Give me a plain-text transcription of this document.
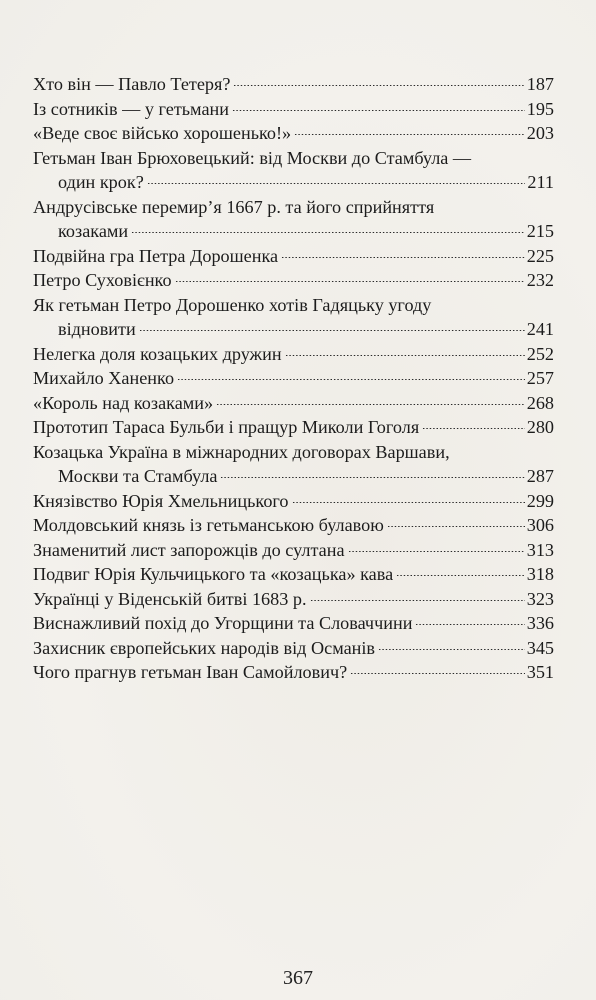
Хто він — Павло Тетеря?	187
Із сотників — у гетьмани	195
«Веде своє військо хорошенько!»	203
Гетьман Іван Брюховецький: від Москви до Стамбула —
один крок?	211
Андрусівське перемир’я 1667 р. та його сприйняття
козаками	215
Подвійна гра Петра Дорошенка	225
Петро Суховієнко	232
Як гетьман Петро Дорошенко хотів Гадяцьку угоду
відновити	241
Нелегка доля козацьких дружин	252
Михайло Ханенко	257
«Король над козаками»	268
Прототип Тараса Бульби і пращур Миколи Гоголя	280
Козацька Україна в міжнародних договорах Варшави,
Москви та Стамбула	287
Князівство Юрія Хмельницького	299
Молдовський князь із гетьманською булавою	306
Знаменитий лист запорожців до султана	313
Подвиг Юрія Кульчицького та «козацька» кава	318
Українці у Віденській битві 1683 р.	323
Виснажливий похід до Угорщини та Словаччини	336
Захисник європейських народів від Османів	345
Чого прагнув гетьман Іван Самойлович?	351
367
